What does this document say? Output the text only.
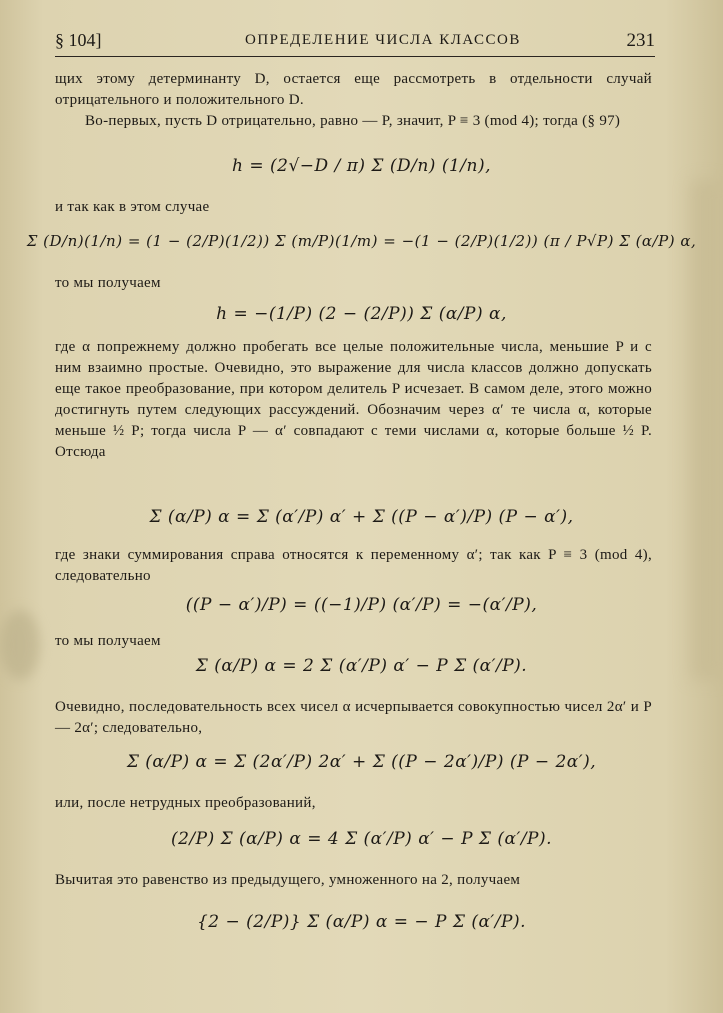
§ 104]	ОПРЕДЕЛЕНИЕ ЧИСЛА КЛАССОВ	231
щих этому детерминанту D, остается еще рассмотреть в отдельности случай отрицательного и положительного D.
Во-первых, пусть D отрицательно, равно — P, значит, P ≡ 3 (mod 4); тогда (§ 97)
h = (2√−D / π) Σ (D/n) (1/n),
и так как в этом случае
Σ (D/n)(1/n) = (1 − (2/P)(1/2)) Σ (m/P)(1/m) = −(1 − (2/P)(1/2)) (π / P√P) Σ (α/P) α,
то мы получаем
h = −(1/P) (2 − (2/P)) Σ (α/P) α,
где α попрежнему должно пробегать все целые положительные числа, меньшие P и с ним взаимно простые. Очевидно, это выражение для числа классов должно допускать еще такое преобразование, при котором делитель P исчезает. В самом деле, этого можно достигнуть путем следующих рассуждений. Обозначим через α′ те числа α, которые меньше ½ P; тогда числа P — α′ совпадают с теми числами α, которые больше ½ P. Отсюда
Σ (α/P) α = Σ (α′/P) α′ + Σ ((P − α′)/P) (P − α′),
где знаки суммирования справа относятся к переменному α′; так как P ≡ 3 (mod 4), следовательно
((P − α′)/P) = ((−1)/P) (α′/P) = −(α′/P),
то мы получаем
Σ (α/P) α = 2 Σ (α′/P) α′ − P Σ (α′/P).
Очевидно, последовательность всех чисел α исчерпывается совокупностью чисел 2α′ и P — 2α′; следовательно,
Σ (α/P) α = Σ (2α′/P) 2α′ + Σ ((P − 2α′)/P) (P − 2α′),
или, после нетрудных преобразований,
(2/P) Σ (α/P) α = 4 Σ (α′/P) α′ − P Σ (α′/P).
Вычитая это равенство из предыдущего, умноженного на 2, получаем
{2 − (2/P)} Σ (α/P) α = − P Σ (α′/P).
